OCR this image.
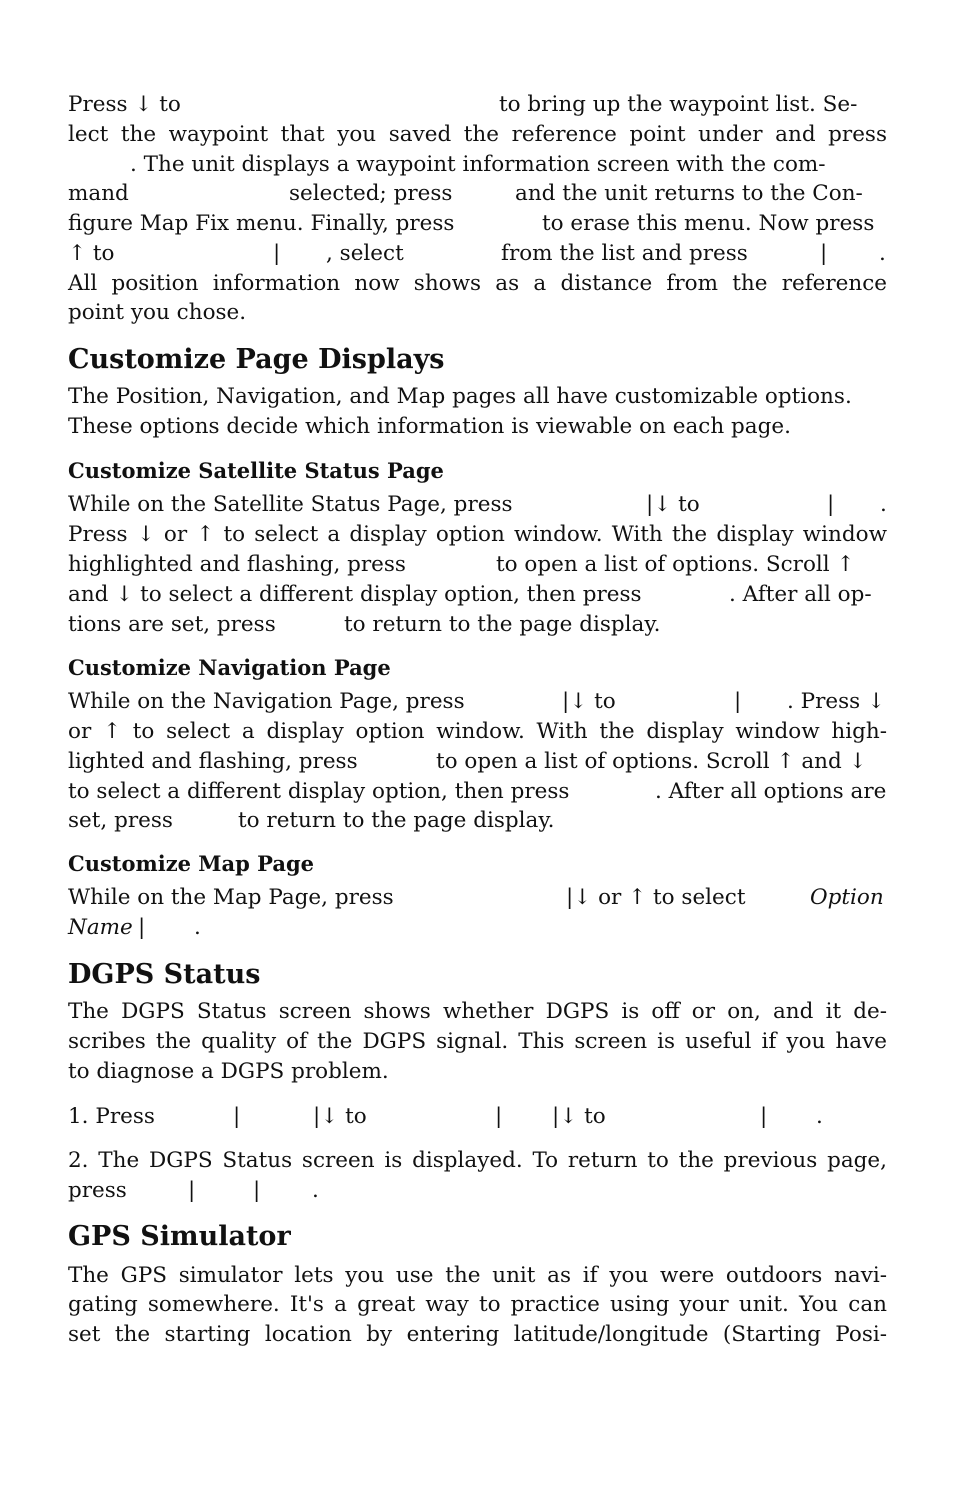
Press ↓ to

	to bring up the waypoint list. Se-

lect the waypoint that you saved the reference point under and press

. The unit displays a waypoint information screen with the com-

mand

	selected; press

	and the unit returns to the Con-

figure Map Fix menu. Finally, press

	to erase this menu. Now press

↑ to

	|

, select

	from the list and press

	|

.

All position information now shows as a distance from the reference
point you chose.
Customize Page Displays
The Position, Navigation, and Map pages all have customizable options.
These options decide which information is viewable on each page.
Customize Satellite Status Page

While on the Satellite Status Page, press

	|↓ to

	|

.

Press ↓ or ↑ to select a display option window. With the display window

highlighted and flashing, press

	to open a list of options. Scroll ↑

and ↓ to select a different display option, then press

	. After all op-

tions are set, press

	to return to the page display.

Customize Navigation Page

While on the Navigation Page, press

	|↓ to

	|

. Press ↓

or ↑ to select a display option window. With the display window high-

lighted and flashing, press

	to open a list of options. Scroll ↑ and ↓

to select a different display option, then press

	. After all options are

set, press

	to return to the page display.

Customize Map Page

While on the Map Page, press

	|↓ or ↑ to select

	Option

Name

|

.

DGPS Status
The DGPS Status screen shows whether DGPS is off or on, and it de-
scribes the quality of the DGPS signal. This screen is useful if you have
to diagnose a DGPS problem.

1. Press

	|

	|↓ to

	|

|↓ to

	|

.

2. The DGPS Status screen is displayed. To return to the previous page,

press

	|

	|

.

GPS Simulator
The GPS simulator lets you use the unit as if you were outdoors navi-
gating somewhere. It's a great way to practice using your unit. You can
set the starting location by entering latitude/longitude (Starting Posi-
